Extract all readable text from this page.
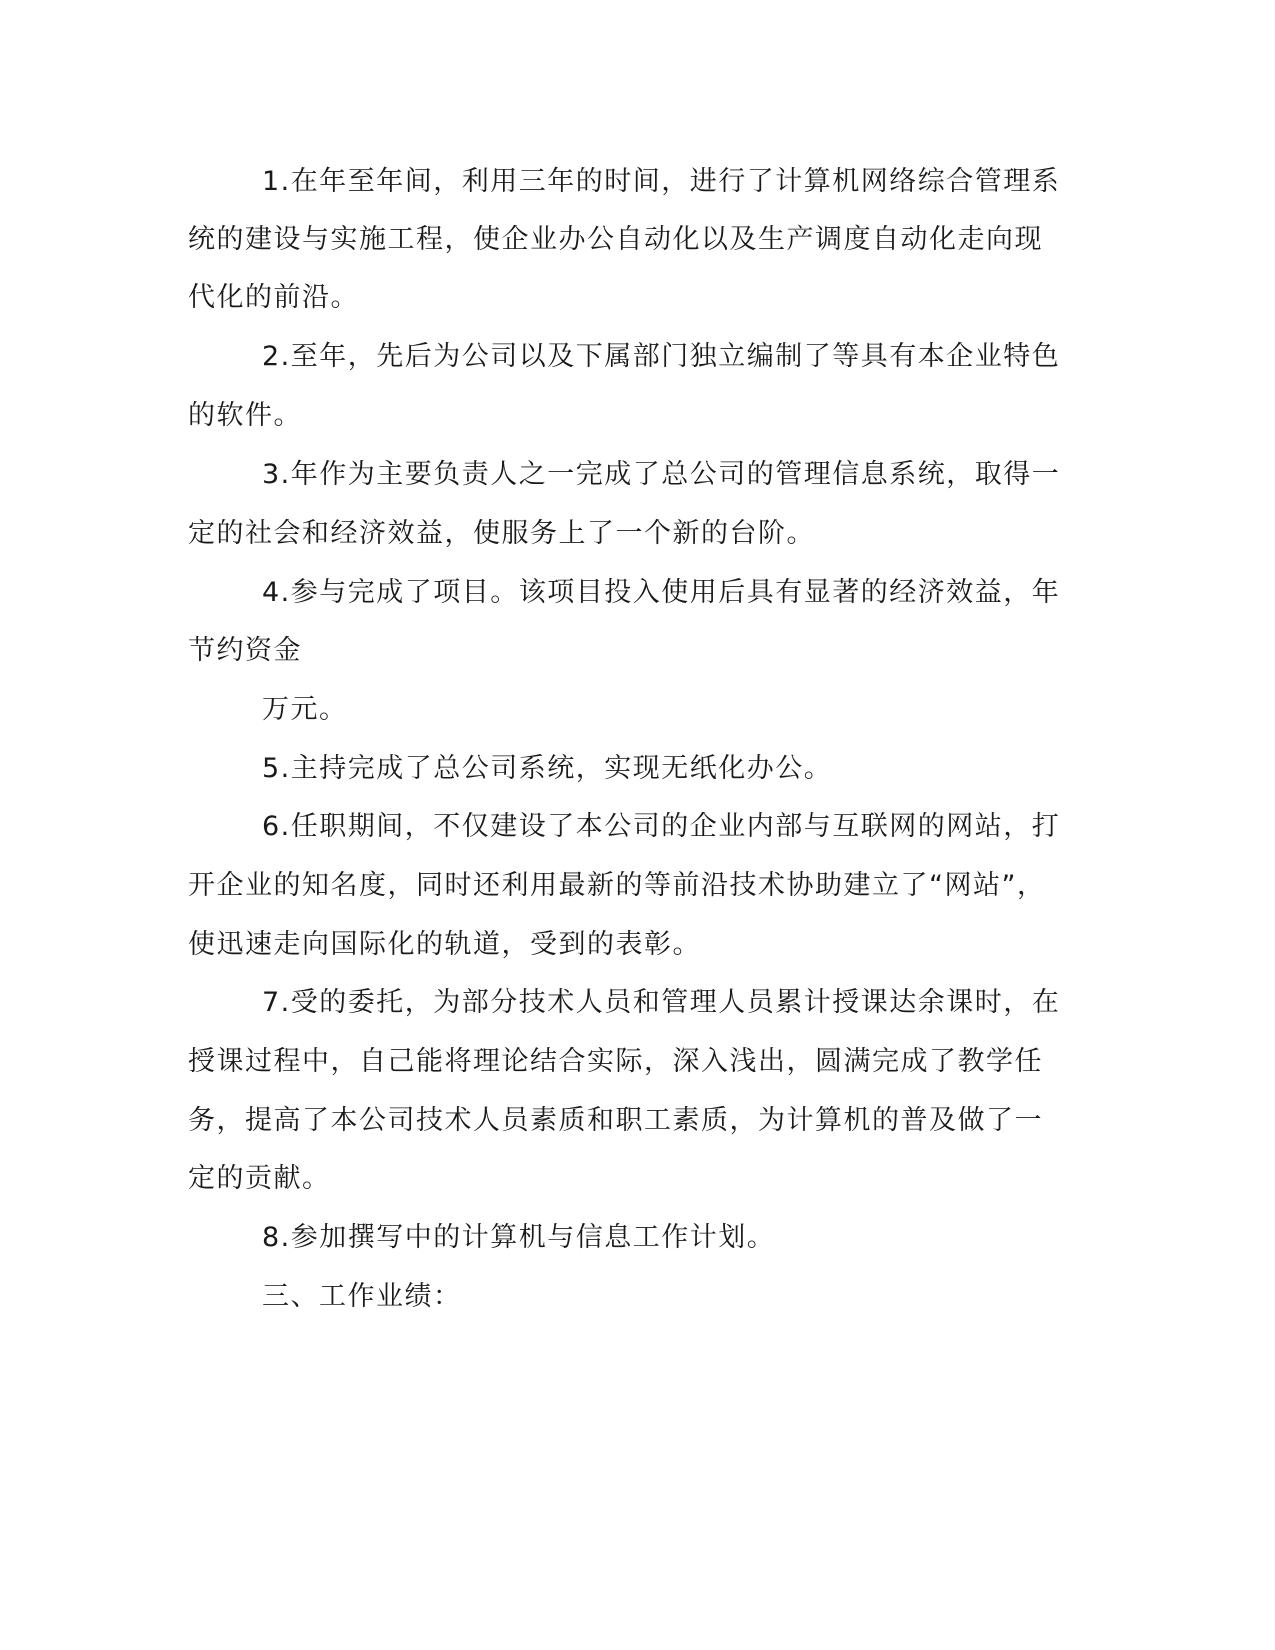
1.在年至年间，利用三年的时间，进行了计算机网络综合管理系
统的建设与实施工程，使企业办公自动化以及生产调度自动化走向现
代化的前沿。
2.至年，先后为公司以及下属部门独立编制了等具有本企业特色
的软件。
3.年作为主要负责人之一完成了总公司的管理信息系统，取得一
定的社会和经济效益，使服务上了一个新的台阶。
4.参与完成了项目。该项目投入使用后具有显著的经济效益，年
节约资金
万元。
5.主持完成了总公司系统，实现无纸化办公。
6.任职期间，不仅建设了本公司的企业内部与互联网的网站，打
开企业的知名度，同时还利用最新的等前沿技术协助建立了“网站”，
使迅速走向国际化的轨道，受到的表彰。
7.受的委托，为部分技术人员和管理人员累计授课达余课时，在
授课过程中，自己能将理论结合实际，深入浅出，圆满完成了教学任
务，提高了本公司技术人员素质和职工素质，为计算机的普及做了一
定的贡献。
8.参加撰写中的计算机与信息工作计划。
三、工作业绩：
